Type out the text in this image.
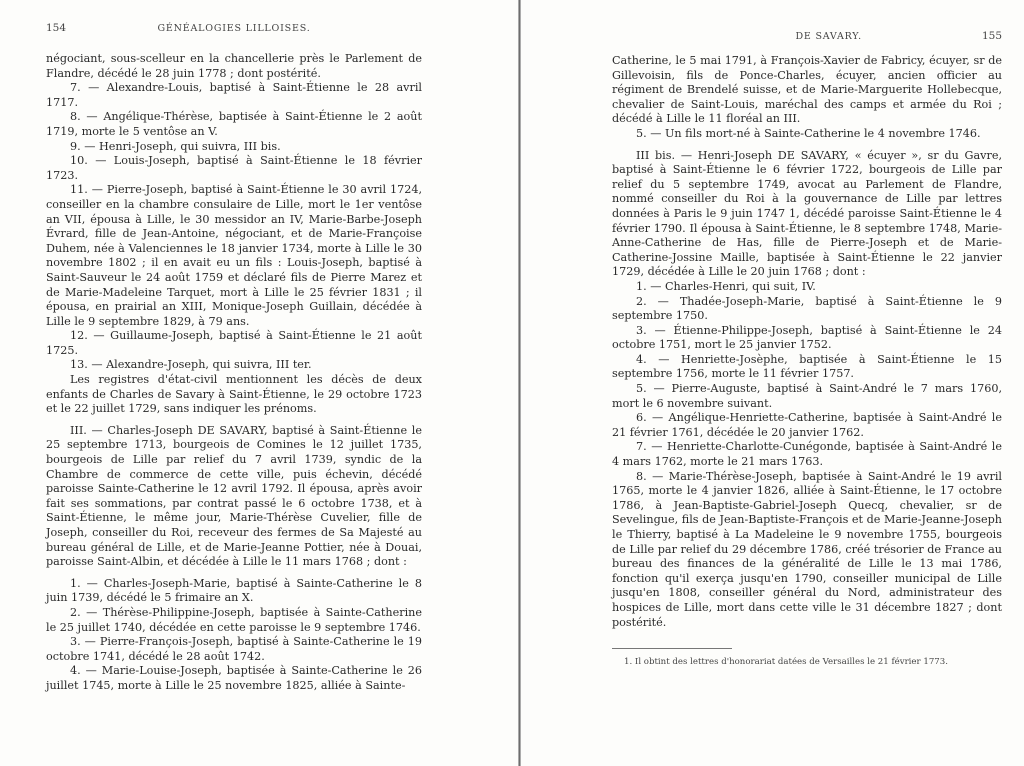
154	GÉNÉALOGIES LILLOISES.

négociant, sous-scelleur en la chancellerie près le Parlement de Flandre, décédé le 28 juin 1778 ; dont postérité.

7. — Alexandre-Louis, baptisé à Saint-Étienne le 28 avril 1717.

8. — Angélique-Thérèse, baptisée à Saint-Étienne le 2 août 1719, morte le 5 ventôse an V.

9. — Henri-Joseph, qui suivra, III bis.

10. — Louis-Joseph, baptisé à Saint-Étienne le 18 février 1723.

11. — Pierre-Joseph, baptisé à Saint-Étienne le 30 avril 1724, conseiller en la chambre consulaire de Lille, mort le 1er ventôse an VII, épousa à Lille, le 30 messidor an IV, Marie-Barbe-Joseph Évrard, fille de Jean-Antoine, négociant, et de Marie-Françoise Duhem, née à Valenciennes le 18 janvier 1734, morte à Lille le 30 novembre 1802 ; il en avait eu un fils : Louis-Joseph, baptisé à Saint-Sauveur le 24 août 1759 et déclaré fils de Pierre Marez et de Marie-Madeleine Tarquet, mort à Lille le 25 février 1831 ; il épousa, en prairial an XIII, Monique-Joseph Guillain, décédée à Lille le 9 septembre 1829, à 79 ans.

12. — Guillaume-Joseph, baptisé à Saint-Étienne le 21 août 1725.

13. — Alexandre-Joseph, qui suivra, III ter.

Les registres d'état-civil mentionnent les décès de deux enfants de Charles de Savary à Saint-Étienne, le 29 octobre 1723 et le 22 juillet 1729, sans indiquer les prénoms.

III. — Charles-Joseph DE SAVARY, baptisé à Saint-Étienne le 25 septembre 1713, bourgeois de Comines le 12 juillet 1735, bourgeois de Lille par relief du 7 avril 1739, syndic de la Chambre de commerce de cette ville, puis échevin, décédé paroisse Sainte-Catherine le 12 avril 1792. Il épousa, après avoir fait ses sommations, par contrat passé le 6 octobre 1738, et à Saint-Étienne, le même jour, Marie-Thérèse Cuvelier, fille de Joseph, conseiller du Roi, receveur des fermes de Sa Majesté au bureau général de Lille, et de Marie-Jeanne Pottier, née à Douai, paroisse Saint-Albin, et décédée à Lille le 11 mars 1768 ; dont :

1. — Charles-Joseph-Marie, baptisé à Sainte-Catherine le 8 juin 1739, décédé le 5 frimaire an X.

2. — Thérèse-Philippine-Joseph, baptisée à Sainte-Catherine le 25 juillet 1740, décédée en cette paroisse le 9 septembre 1746.

3. — Pierre-François-Joseph, baptisé à Sainte-Catherine le 19 octobre 1741, décédé le 28 août 1742.

4. — Marie-Louise-Joseph, baptisée à Sainte-Catherine le 26 juillet 1745, morte à Lille le 25 novembre 1825, alliée à Sainte-

DE SAVARY.	155

Catherine, le 5 mai 1791, à François-Xavier de Fabricy, écuyer, sr de Gillevoisin, fils de Ponce-Charles, écuyer, ancien officier au régiment de Brendelé suisse, et de Marie-Marguerite Hollebecque, chevalier de Saint-Louis, maréchal des camps et armée du Roi ; décédé à Lille le 11 floréal an III.

5. — Un fils mort-né à Sainte-Catherine le 4 novembre 1746.

III bis. — Henri-Joseph DE SAVARY, « écuyer », sr du Gavre, baptisé à Saint-Étienne le 6 février 1722, bourgeois de Lille par relief du 5 septembre 1749, avocat au Parlement de Flandre, nommé conseiller du Roi à la gouvernance de Lille par lettres données à Paris le 9 juin 1747 1, décédé paroisse Saint-Étienne le 4 février 1790. Il épousa à Saint-Étienne, le 8 septembre 1748, Marie-Anne-Catherine de Has, fille de Pierre-Joseph et de Marie-Catherine-Jossine Maille, baptisée à Saint-Étienne le 22 janvier 1729, décédée à Lille le 20 juin 1768 ; dont :

1. — Charles-Henri, qui suit, IV.

2. — Thadée-Joseph-Marie, baptisé à Saint-Étienne le 9 septembre 1750.

3. — Étienne-Philippe-Joseph, baptisé à Saint-Étienne le 24 octobre 1751, mort le 25 janvier 1752.

4. — Henriette-Josèphe, baptisée à Saint-Étienne le 15 septembre 1756, morte le 11 février 1757.

5. — Pierre-Auguste, baptisé à Saint-André le 7 mars 1760, mort le 6 novembre suivant.

6. — Angélique-Henriette-Catherine, baptisée à Saint-André le 21 février 1761, décédée le 20 janvier 1762.

7. — Henriette-Charlotte-Cunégonde, baptisée à Saint-André le 4 mars 1762, morte le 21 mars 1763.

8. — Marie-Thérèse-Joseph, baptisée à Saint-André le 19 avril 1765, morte le 4 janvier 1826, alliée à Saint-Étienne, le 17 octobre 1786, à Jean-Baptiste-Gabriel-Joseph Quecq, chevalier, sr de Sevelingue, fils de Jean-Baptiste-François et de Marie-Jeanne-Joseph le Thierry, baptisé à La Madeleine le 9 novembre 1755, bourgeois de Lille par relief du 29 décembre 1786, créé trésorier de France au bureau des finances de la généralité de Lille le 13 mai 1786, fonction qu'il exerça jusqu'en 1790, conseiller municipal de Lille jusqu'en 1808, conseiller général du Nord, administrateur des hospices de Lille, mort dans cette ville le 31 décembre 1827 ; dont postérité.

1. Il obtint des lettres d'honorariat datées de Versailles le 21 février 1773.
